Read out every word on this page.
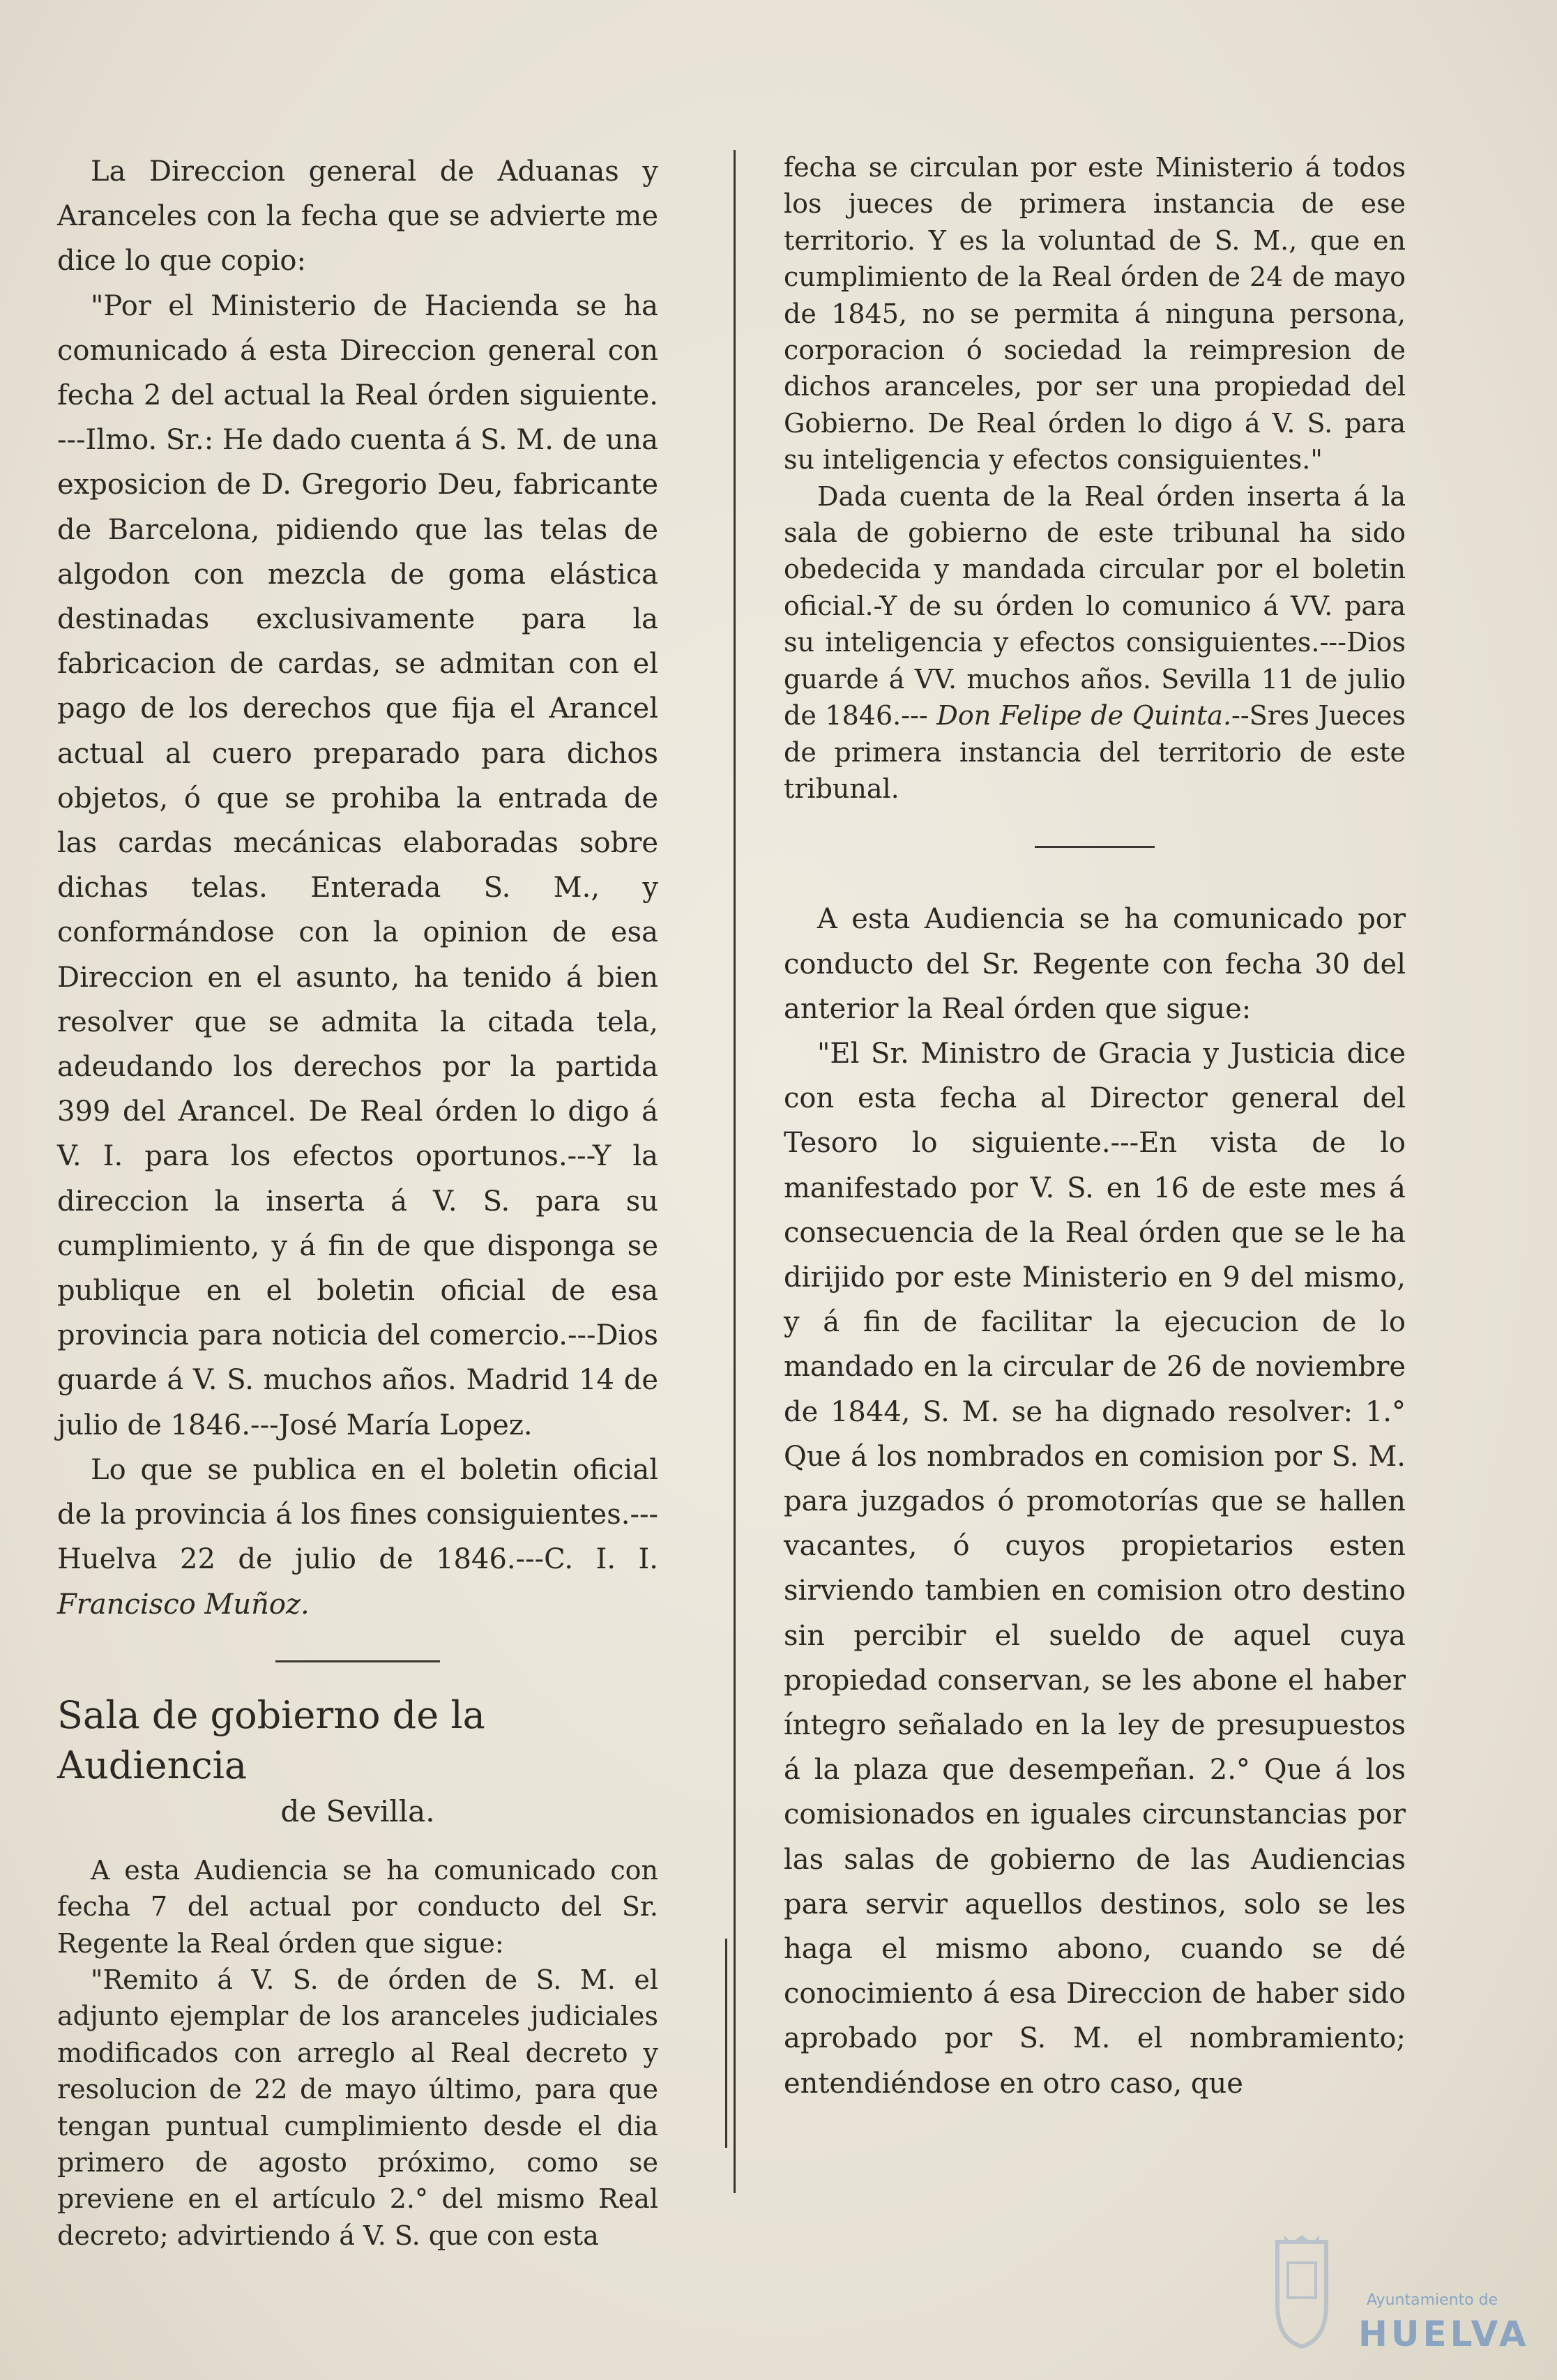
La Direccion general de Aduanas y Aranceles con la fecha que se advierte me dice lo que copio:

"Por el Ministerio de Hacienda se ha comunicado á esta Direccion general con fecha 2 del actual la Real órden siguiente. ---Ilmo. Sr.: He dado cuenta á S. M. de una exposicion de D. Gregorio Deu, fabricante de Barcelona, pidiendo que las telas de algodon con mezcla de goma elástica destinadas exclusivamente para la fabricacion de cardas, se admitan con el pago de los derechos que fija el Arancel actual al cuero preparado para dichos objetos, ó que se prohiba la entrada de las cardas mecánicas elaboradas sobre dichas telas. Enterada S. M., y conformándose con la opinion de esa Direccion en el asunto, ha tenido á bien resolver que se admita la citada tela, adeudando los derechos por la partida 399 del Arancel. De Real órden lo digo á V. I. para los efectos oportunos.---Y la direccion la inserta á V. S. para su cumplimiento, y á fin de que disponga se publique en el boletin oficial de esa provincia para noticia del comercio.---Dios guarde á V. S. muchos años. Madrid 14 de julio de 1846.---José María Lopez.

Lo que se publica en el boletin oficial de la provincia á los fines consiguientes.--- Huelva 22 de julio de 1846.---C. I. I. Francisco Muñoz.

Sala de gobierno de la Audiencia

de Sevilla.

A esta Audiencia se ha comunicado con fecha 7 del actual por conducto del Sr. Regente la Real órden que sigue:

"Remito á V. S. de órden de S. M. el adjunto ejemplar de los aranceles judiciales modificados con arreglo al Real decreto y resolucion de 22 de mayo último, para que tengan puntual cumplimiento desde el dia primero de agosto próximo, como se previene en el artículo 2.° del mismo Real decreto; advirtiendo á V. S. que con esta

fecha se circulan por este Ministerio á todos los jueces de primera instancia de ese territorio. Y es la voluntad de S. M., que en cumplimiento de la Real órden de 24 de mayo de 1845, no se permita á ninguna persona, corporacion ó sociedad la reimpresion de dichos aranceles, por ser una propiedad del Gobierno. De Real órden lo digo á V. S. para su inteligencia y efectos consiguientes."

Dada cuenta de la Real órden inserta á la sala de gobierno de este tribunal ha sido obedecida y mandada circular por el boletin oficial.-Y de su órden lo comunico á VV. para su inteligencia y efectos consiguientes.---Dios guarde á VV. muchos años. Sevilla 11 de julio de 1846.--- Don Felipe de Quinta.--Sres Jueces de primera instancia del territorio de este tribunal.

A esta Audiencia se ha comunicado por conducto del Sr. Regente con fecha 30 del anterior la Real órden que sigue:

"El Sr. Ministro de Gracia y Justicia dice con esta fecha al Director general del Tesoro lo siguiente.---En vista de lo manifestado por V. S. en 16 de este mes á consecuencia de la Real órden que se le ha dirijido por este Ministerio en 9 del mismo, y á fin de facilitar la ejecucion de lo mandado en la circular de 26 de noviembre de 1844, S. M. se ha dignado resolver: 1.° Que á los nombrados en comision por S. M. para juzgados ó promotorías que se hallen vacantes, ó cuyos propietarios esten sirviendo tambien en comision otro destino sin percibir el sueldo de aquel cuya propiedad conservan, se les abone el haber íntegro señalado en la ley de presupuestos á la plaza que desempeñan. 2.° Que á los comisionados en iguales circunstancias por las salas de gobierno de las Audiencias para servir aquellos destinos, solo se les haga el mismo abono, cuando se dé conocimiento á esa Direccion de haber sido aprobado por S. M. el nombramiento; entendiéndose en otro caso, que

Ayuntamiento de
HUELVA
